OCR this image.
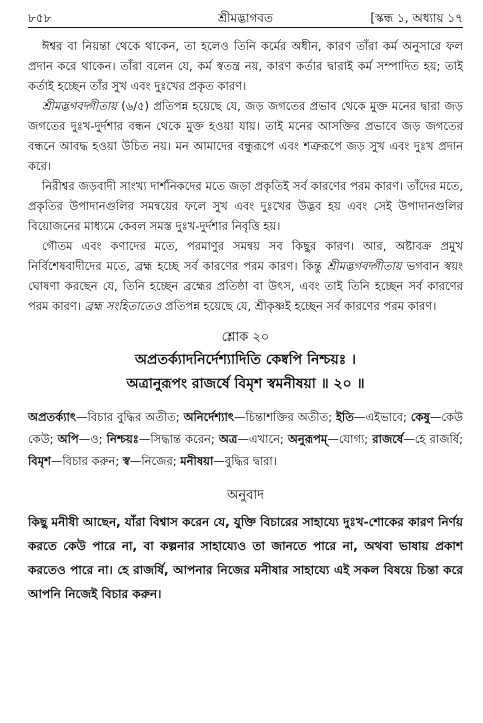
৮৫৮	শ্রীমদ্ভাগবত	[স্কন্ধ ১, অধ্যায় ১৭

ঈশ্বর বা নিয়ন্তা থেকে থাকেন, তা হলেও তিনি কর্মের অধীন, কারণ তাঁরা কর্ম অনুসারে ফল প্রদান করে থাকেন। তাঁরা বলেন যে, কর্ম স্বতন্ত্র নয়, কারণ কর্তার দ্বারাই কর্ম সম্পাদিত হয়; তাই কর্তাই হচ্ছেন তাঁর সুখ এবং দুঃখের প্রকৃত কারণ।

শ্রীমদ্ভগবদ্গীতায় (৬/৫) প্রতিপন্ন হয়েছে যে, জড় জগতের প্রভাব থেকে মুক্ত মনের দ্বারা জড় জগতের দুঃখ-দুর্দশার বন্ধন থেকে মুক্ত হওয়া যায়। তাই মনের আসক্তির প্রভাবে জড় জগতের বন্ধনে আবদ্ধ হওয়া উচিত নয়। মন আমাদের বন্ধুরূপে এবং শত্রুরূপে জড় সুখ এবং দুঃখ প্রদান করে।

নিরীশ্বর জড়বাদী সাংখ্য দার্শনিকদের মতে জড়া প্রকৃতিই সর্ব কারণের পরম কারণ। তাঁদের মতে, প্রকৃতির উপাদানগুলির সমন্বয়ের ফলে সুখ এবং দুঃখের উদ্ভব হয় এবং সেই উপাদানগুলির বিয়োজনের মাধ্যমে কেবল সমস্ত দুঃখ-দুর্দশার নিবৃত্তি হয়।

গৌতম এবং কণাদের মতে, পরমাণুর সমন্বয় সব কিছুর কারণ। আর, অষ্টাবক্র প্রমুখ নির্বিশেষবাদীদের মতে, ব্রহ্ম হচ্ছে সর্ব কারণের পরম কারণ। কিন্তু শ্রীমদ্ভগবদ্গীতায় ভগবান স্বয়ং ঘোষণা করছেন যে, তিনি হচ্ছেন ব্রহ্মের প্রতিষ্ঠা বা উৎস, এবং তাই তিনি হচ্ছেন সর্ব কারণের পরম কারণ। ব্রহ্ম সংহিতাতেও প্রতিপন্ন হয়েছে যে, শ্রীকৃষ্ণই হচ্ছেন সর্ব কারণের পরম কারণ।

শ্লোক ২০
অপ্রতর্ক্যাদনির্দেশ্যাদিতি কেষ্বপি নিশ্চয়ঃ ।
অত্রানুরূপং রাজর্ষে বিমৃশ স্বমনীষয়া ॥ ২০ ॥
অপ্রতর্ক্যাৎ—বিচার বুদ্ধির অতীত; অনির্দেশ্যাৎ—চিন্তাশক্তির অতীত; ইতি—এইভাবে; কেষু—কেউ কেউ; অপি—ও; নিশ্চয়ঃ—সিদ্ধান্ত করেন; অত্র—এখানে; অনুরূপম্—যোগ্য; রাজর্ষে—হে রাজর্ষি; বিমৃশ—বিচার করুন; স্ব—নিজের; মনীষয়া—বুদ্ধির দ্বারা।
অনুবাদ
কিছু মনীষী আছেন, যাঁরা বিশ্বাস করেন যে, যুক্তি বিচারের সাহায্যে দুঃখ-শোকের কারণ নির্ণয় করতে কেউ পারে না, বা কল্পনার সাহায্যেও তা জানতে পারে না, অথবা ভাষায় প্রকাশ করতেও পারে না। হে রাজর্ষি, আপনার নিজের মনীষার সাহায্যে এই সকল বিষয়ে চিন্তা করে আপনি নিজেই বিচার করুন।
